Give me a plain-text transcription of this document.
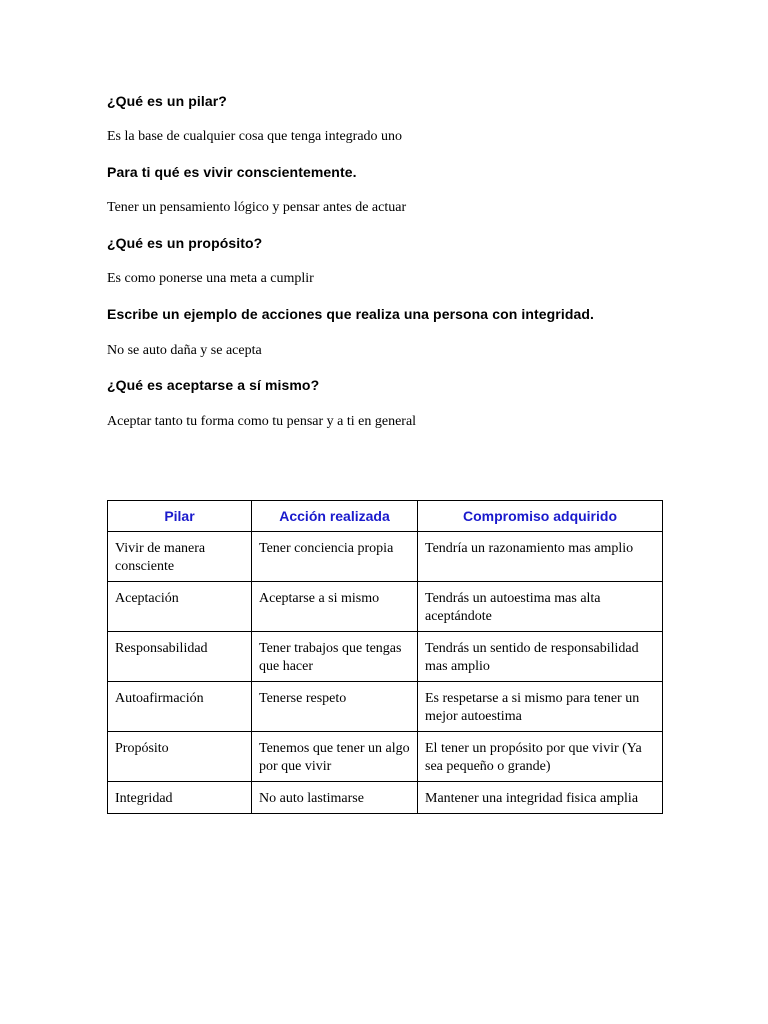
¿Qué es un pilar?
Es la base de cualquier cosa que tenga integrado uno
Para ti qué es vivir conscientemente.
Tener un pensamiento lógico y pensar antes de actuar
¿Qué es un propósito?
Es como ponerse una meta a cumplir
Escribe un ejemplo de acciones que realiza una persona con integridad.
No se auto daña y se acepta
¿Qué es aceptarse a sí mismo?
Aceptar tanto tu forma como tu pensar y a ti en general
Pilar	Acción realizada	Compromiso adquirido

Vivir de manera consciente	Tener conciencia propia	Tendría un razonamiento mas amplio

Aceptación	Aceptarse a si mismo	Tendrás un autoestima mas alta aceptándote

Responsabilidad	Tener trabajos que tengas que hacer	Tendrás un sentido de responsabilidad mas amplio

Autoafirmación	Tenerse respeto	Es respetarse a si mismo para tener un mejor autoestima

Propósito	Tenemos que tener un algo por que vivir	El tener un propósito por que vivir (Ya sea pequeño o grande)

Integridad	No auto lastimarse	Mantener una integridad fisica amplia
